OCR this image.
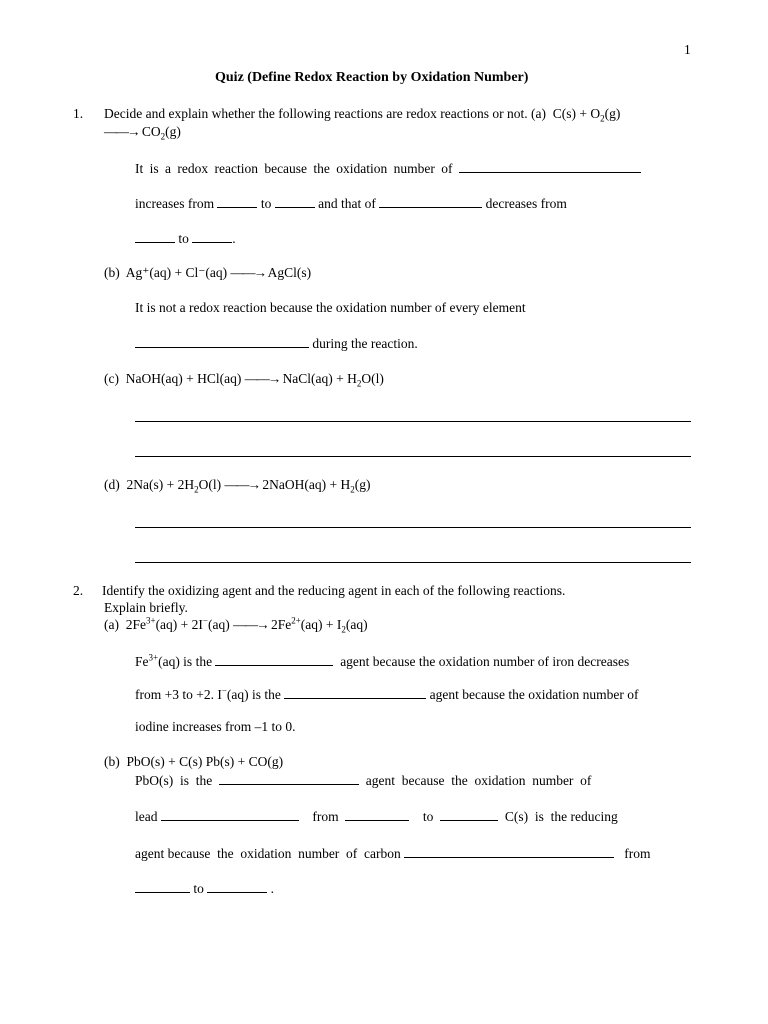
1
Quiz (Define Redox Reaction by Oxidation Number)
1. Decide and explain whether the following reactions are redox reactions or not. (a) $C(s) + O_2(g)$
——→ $CO_2(g)$
It is a redox reaction because the oxidation number of
increases from	to	and that of	decreases from
to	.
(b) Ag⁺(aq) + Cl⁻(aq) ——→ AgCl(s)
It is not a redox reaction because the oxidation number of every element
during the reaction.
(c) NaOH(aq) + HCl(aq) ——→ NaCl(aq) + $H_2O(l)$
(d) $2Na(s) + 2H_2O(l)$ ——→ 2NaOH(aq) + $H_2(g)$
2. Identify the oxidizing agent and the reducing agent in each of the following reactions.
Explain briefly.
(a) $2Fe^{3+}(aq) + 2I^-(aq)$ ——→ $2Fe^{2+}(aq) + I_2(aq)$
$Fe^{3+}(aq)$ is the	agent because the oxidation number of iron decreases
from +3 to +2. I−(aq) is the	agent because the oxidation number of
iodine increases from –1 to 0.
(b) PbO(s) + C(s) Pb(s) + CO(g)
PbO(s)  is  the	agent  because  the  oxidation  number  of
lead	from	to	C(s)  is  the reducing
agent because  the  oxidation  number  of  carbon	from
to	.
